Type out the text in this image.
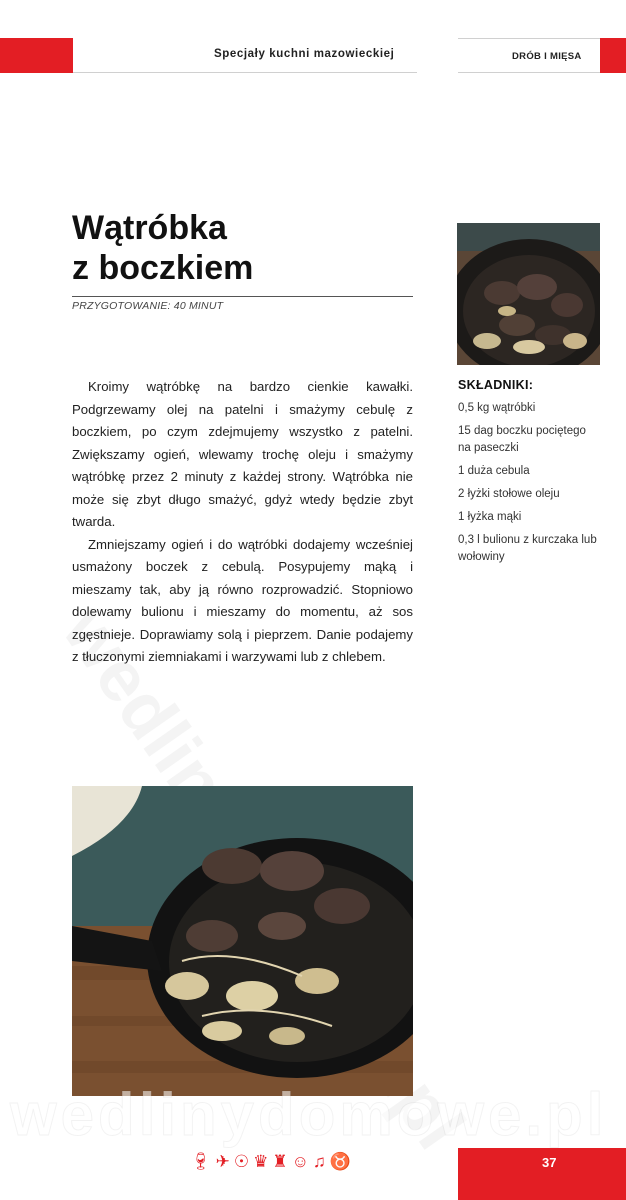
Specjały kuchni mazowieckiej	DRÓB I MIĘSA
Wątróbka
z boczkiem
PRZYGOTOWANIE: 40 MINUT

Kroimy wątróbkę na bardzo cienkie kawałki. Podgrzewamy olej na patelni i smażymy cebulę z boczkiem, po czym zdejmujemy wszystko z patelni. Zwiększamy ogień, wlewamy trochę oleju i smażymy wątróbkę przez 2 minuty z każdej strony. Wątróbka nie może się zbyt długo smażyć, gdyż wtedy będzie zbyt twarda.

Zmniejszamy ogień i do wątróbki dodajemy wcześniej usmażony boczek z cebulą. Posypujemy mąką i mieszamy tak, aby ją równo rozprowadzić. Stopniowo dolewamy bulionu i mieszamy do momentu, aż sos zgęstnieje. Doprawiamy solą i pieprzem. Danie podajemy z tłuczonymi ziemniakami i warzywami lub z chlebem.

SKŁADNIKI:
0,5 kg wątróbki
15 dag boczku pociętego na paseczki
1 duża cebula
2 łyżki stołowe oleju
1 łyżka mąki
0,3 l bulionu z kurczaka lub wołowiny
wedlinydomowe.pl
🍷︎ ✈︎ ☉ ♛ ♜ ☺ ♫ ♉	37
